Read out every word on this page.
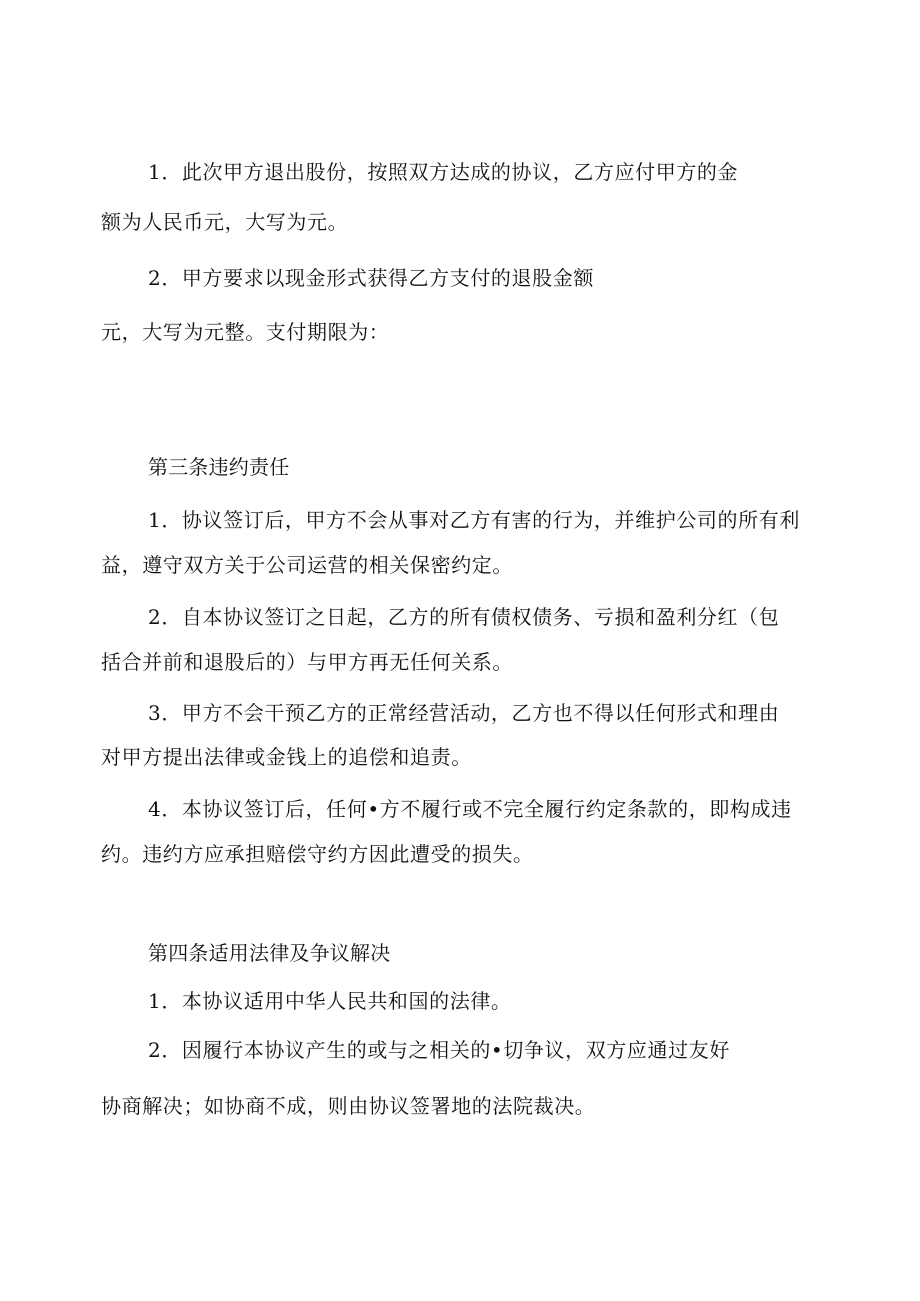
1．此次甲方退出股份，按照双方达成的协议，乙方应付甲方的金

额为人民币元，大写为元。

2．甲方要求以现金形式获得乙方支付的退股金额

元，大写为元整。支付期限为：

第三条违约责任

1．协议签订后，甲方不会从事对乙方有害的行为，并维护公司的所有利

益，遵守双方关于公司运营的相关保密约定。

2．自本协议签订之日起，乙方的所有债权债务、亏损和盈利分红（包

括合并前和退股后的）与甲方再无任何关系。

3．甲方不会干预乙方的正常经营活动，乙方也不得以任何形式和理由

对甲方提出法律或金钱上的追偿和追责。

4．本协议签订后，任何•方不履行或不完全履行约定条款的，即构成违

约。违约方应承担赔偿守约方因此遭受的损失。

第四条适用法律及争议解决

1．本协议适用中华人民共和国的法律。

2．因履行本协议产生的或与之相关的•切争议，双方应通过友好

协商解决；如协商不成，则由协议签署地的法院裁决。
